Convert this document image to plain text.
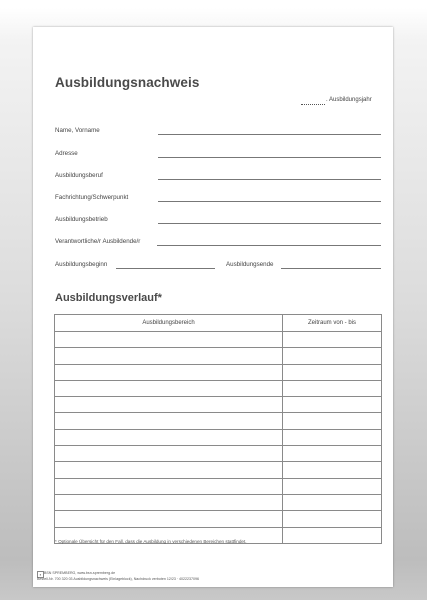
Ausbildungsnachweis
. Ausbildungsjahr
Name, Vorname
Adresse
Ausbildungsberuf
Fachrichtung/Schwerpunkt
Ausbildungsbetrieb
Verantwortliche/r Ausbildende/r
Ausbildungsbeginn	Ausbildungsende
Ausbildungsverlauf*
Ausbildungsbereich	Zeitraum von - bis

* Optionale Übersicht für den Fall, dass die Ausbildung in verschiedenen Bereichen stattfindet.
▪ BSN SPREMBERG, www.bsn-spremberg.de
Bestell-Nr. 700 320 03 Ausbildungsnachweis (Einlageblock), Nachdruck verboten 12/23 · 4022237096
